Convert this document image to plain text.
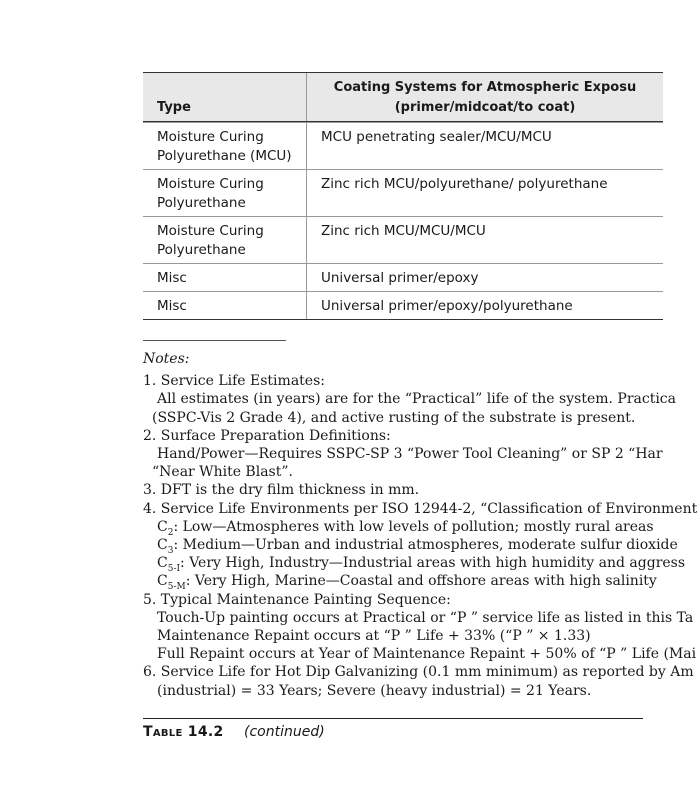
Type
Coating Systems for Atmospheric Exposu
(primer/midcoat/to coat)
Moisture Curing
Polyurethane (MCU)
MCU penetrating sealer/MCU/MCU
Moisture Curing
Polyurethane
Zinc rich MCU/polyurethane/ polyurethane
Moisture Curing
Polyurethane
Zinc rich MCU/MCU/MCU
Misc	Universal primer/epoxy
Misc	Universal primer/epoxy/polyurethane
Notes:

1. Service Life Estimates:

All estimates (in years) are for the “Practical” life of the system. Practica

(SSPC-Vis 2 Grade 4), and active rusting of the substrate is present.

2. Surface Preparation Definitions:

Hand/Power—Requires SSPC-SP 3 “Power Tool Cleaning” or SP 2 “Har

“Near White Blast”.

3. DFT is the dry film thickness in mm.

4. Service Life Environments per ISO 12944-2, “Classification of Environment

$C_2$: Low—Atmospheres with low levels of pollution; mostly rural areas

$C_3$: Medium—Urban and industrial atmospheres, moderate sulfur dioxide

$C_{5-I}$: Very High, Industry—Industrial areas with high humidity and aggress

$C_{5-M}$: Very High, Marine—Coastal and offshore areas with high salinity

5. Typical Maintenance Painting Sequence:

Touch-Up painting occurs at Practical or “P ” service life as listed in this Ta

Maintenance Repaint occurs at “P ” Life + 33% (“P ” × 1.33)

Full Repaint occurs at Year of Maintenance Repaint + 50% of “P ” Life (Mai

6. Service Life for Hot Dip Galvanizing (0.1 mm minimum) as reported by Am

(industrial) = 33 Years; Severe (heavy industrial) = 21 Years.

Table 14.2 (continued)
